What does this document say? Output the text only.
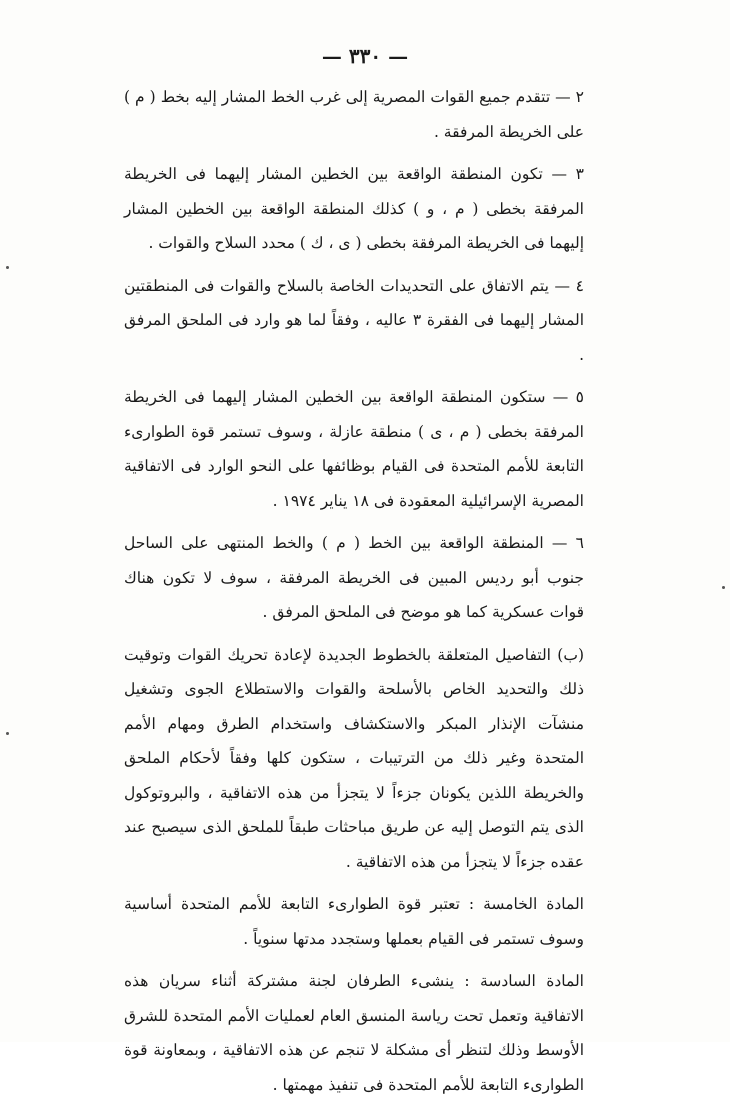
— ٣٣٠ —

٢ — تتقدم جميع القوات المصرية إلى غرب الخط المشار إليه بخط ( م ) على الخريطة المرفقة .

٣ — تكون المنطقة الواقعة بين الخطين المشار إليهما فى الخريطة المرفقة بخطى ( م ، و ) كذلك المنطقة الواقعة بين الخطين المشار إليهما فى الخريطة المرفقة بخطى ( ى ، ك ) محدد السلاح والقوات .

٤ — يتم الاتفاق على التحديدات الخاصة بالسلاح والقوات فى المنطقتين المشار إليهما فى الفقرة ٣ عاليه ، وفقاً لما هو وارد فى الملحق المرفق .

٥ — ستكون المنطقة الواقعة بين الخطين المشار إليهما فى الخريطة المرفقة بخطى ( م ، ى ) منطقة عازلة ، وسوف تستمر قوة الطوارىء التابعة للأمم المتحدة فى القيام بوظائفها على النحو الوارد فى الاتفاقية المصرية الإسرائيلية المعقودة فى ١٨ يناير ١٩٧٤ .

٦ — المنطقة الواقعة بين الخط ( م ) والخط المنتهى على الساحل جنوب أبو رديس المبين فى الخريطة المرفقة ، سوف لا تكون هناك قوات عسكرية كما هو موضح فى الملحق المرفق .

(ب) التفاصيل المتعلقة بالخطوط الجديدة لإعادة تحريك القوات وتوقيت ذلك والتحديد الخاص بالأسلحة والقوات والاستطلاع الجوى وتشغيل منشآت الإنذار المبكر والاستكشاف واستخدام الطرق ومهام الأمم المتحدة وغير ذلك من الترتيبات ، ستكون كلها وفقاً لأحكام الملحق والخريطة اللذين يكونان جزءاً لا يتجزأ من هذه الاتفاقية ، والبروتوكول الذى يتم التوصل إليه عن طريق مباحثات طبقاً للملحق الذى سيصبح عند عقده جزءاً لا يتجزأ من هذه الاتفاقية .

المادة الخامسة : تعتبر قوة الطوارىء التابعة للأمم المتحدة أساسية وسوف تستمر فى القيام بعملها وستجدد مدتها سنوياً .

المادة السادسة : ينشىء الطرفان لجنة مشتركة أثناء سريان هذه الاتفاقية وتعمل تحت رياسة المنسق العام لعمليات الأمم المتحدة للشرق الأوسط وذلك لتنظر أى مشكلة لا تنجم عن هذه الاتفاقية ، وبمعاونة قوة الطوارىء التابعة للأمم المتحدة فى تنفيذ مهمتها .
